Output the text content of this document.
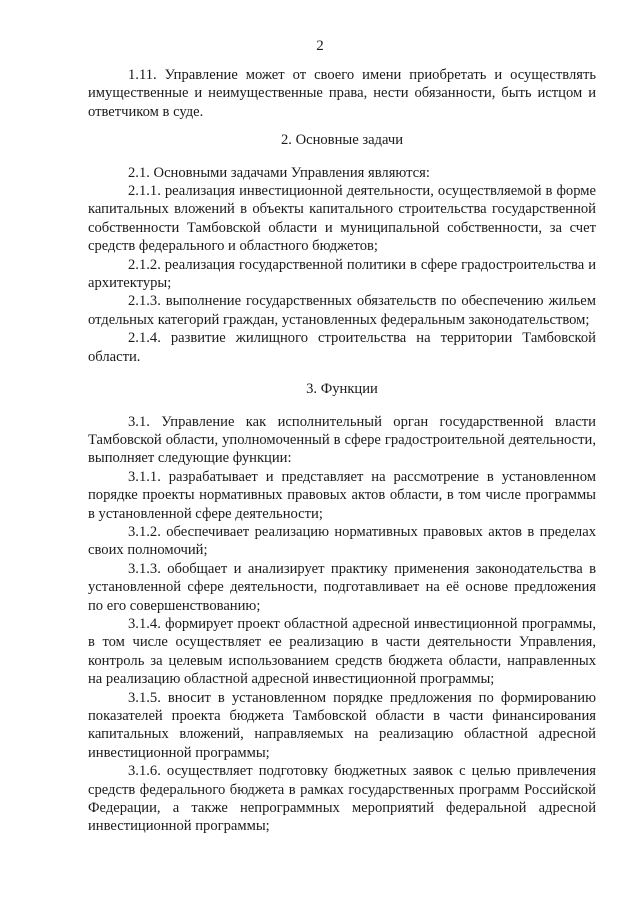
2

1.11. Управление может от своего имени приобретать и осуществлять имущественные и неимущественные права, нести обязанности, быть истцом и ответчиком в суде.

2. Основные задачи

2.1. Основными задачами Управления являются:

2.1.1. реализация инвестиционной деятельности, осуществляемой в форме капитальных вложений в объекты капитального строительства государственной собственности Тамбовской области и муниципальной собственности, за счет средств федерального и областного бюджетов;

2.1.2. реализация государственной политики в сфере градостроительства и архитектуры;

2.1.3. выполнение государственных обязательств по обеспечению жильем отдельных категорий граждан, установленных федеральным законодательством;

2.1.4. развитие жилищного строительства на территории Тамбовской области.

3. Функции

3.1. Управление как исполнительный орган государственной власти Тамбовской области, уполномоченный в сфере градостроительной деятельности, выполняет следующие функции:

3.1.1. разрабатывает и представляет на рассмотрение в установленном порядке проекты нормативных правовых актов области, в том числе программы в установленной сфере деятельности;

3.1.2. обеспечивает реализацию нормативных правовых актов в пределах своих полномочий;

3.1.3. обобщает и анализирует практику применения законодательства в установленной сфере деятельности, подготавливает на её основе предложения по его совершенствованию;

3.1.4. формирует проект областной адресной инвестиционной программы, в том числе осуществляет ее реализацию в части деятельности Управления, контроль за целевым использованием средств бюджета области, направленных на реализацию областной адресной инвестиционной программы;

3.1.5. вносит в установленном порядке предложения по формированию показателей проекта бюджета Тамбовской области в части финансирования капитальных вложений, направляемых на реализацию областной адресной инвестиционной программы;

3.1.6. осуществляет подготовку бюджетных заявок с целью привлечения средств федерального бюджета в рамках государственных программ Российской Федерации, а также непрограммных мероприятий федеральной адресной инвестиционной программы;
